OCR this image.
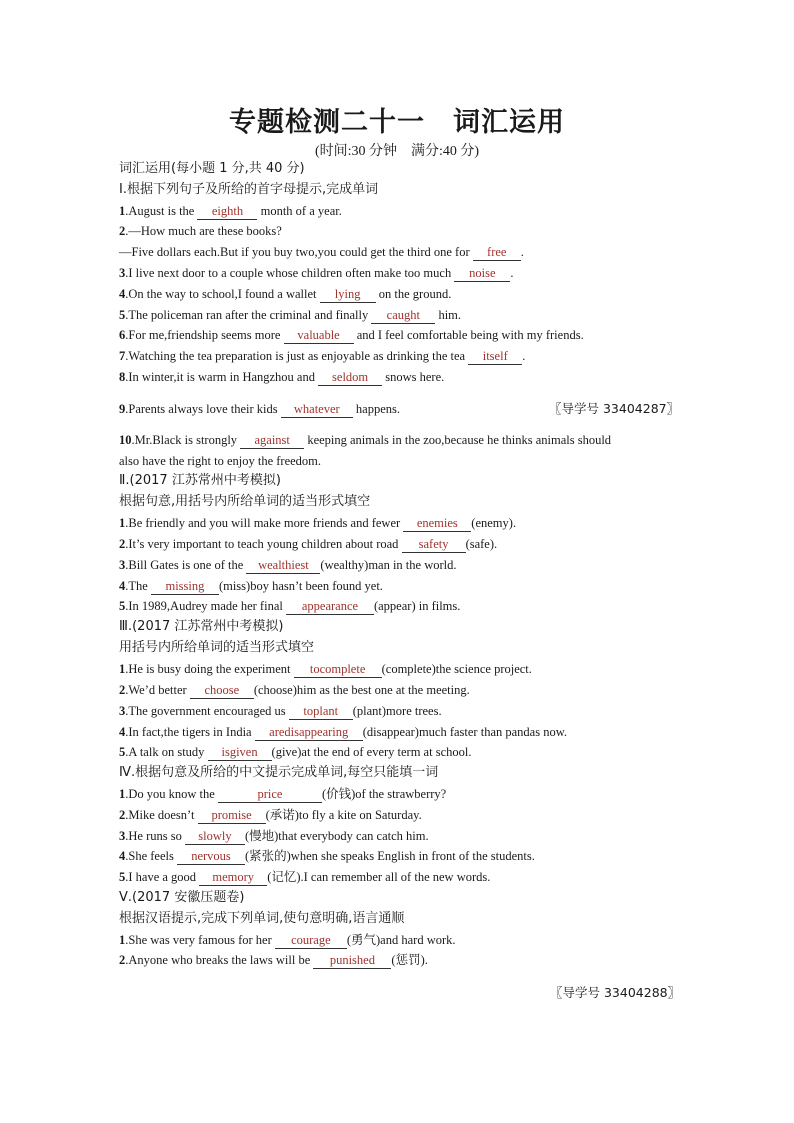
专题检测二十一　词汇运用
(时间:30 分钟　满分:40 分)
词汇运用(每小题 1 分,共 40 分)
Ⅰ.根据下列句子及所给的首字母提示,完成单词
1.August is the eighth month of a year.
2.—How much are these books?
—Five dollars each.But if you buy two,you could get the third one for free .
3.I live next door to a couple whose children often make too much noise .
4.On the way to school,I found a wallet lying on the ground.
5.The policeman ran after the criminal and finally caught him.
6.For me,friendship seems more valuable and I feel comfortable being with my friends.
7.Watching the tea preparation is just as enjoyable as drinking the tea itself .
8.In winter,it is warm in Hangzhou and seldom snows here.
9.Parents always love their kids whatever happens.	〖导学号 33404287〗
10.Mr.Black is strongly against keeping animals in the zoo,because he thinks animals should
also have the right to enjoy the freedom.
Ⅱ.(2017 江苏常州中考模拟)
根据句意,用括号内所给单词的适当形式填空
1.Be friendly and you will make more friends and fewer enemies (enemy).
2.It’s very important to teach young children about road safety (safe).
3.Bill Gates is one of the wealthiest (wealthy)man in the world.
4.The missing (miss)boy hasn’t been found yet.
5.In 1989,Audrey made her final appearance (appear) in films.
Ⅲ.(2017 江苏常州中考模拟)
用括号内所给单词的适当形式填空
1.He is busy doing the experiment tocomplete (complete)the science project.
2.We’d better choose (choose)him as the best one at the meeting.
3.The government encouraged us toplant (plant)more trees.
4.In fact,the tigers in India aredisappearing (disappear)much faster than pandas now.
5.A talk on study isgiven (give)at the end of every term at school.
Ⅳ.根据句意及所给的中文提示完成单词,每空只能填一词
1.Do you know the	price	(价钱)of the strawberry?
2.Mike doesn’t promise (承诺)to fly a kite on Saturday.
3.He runs so slowly (慢地)that everybody can catch him.
4.She feels nervous (紧张的)when she speaks English in front of the students.
5.I have a good memory (记忆).I can remember all of the new words.
Ⅴ.(2017 安徽压题卷)
根据汉语提示,完成下列单词,使句意明确,语言通顺
1.She was very famous for her courage (勇气)and hard work.
2.Anyone who breaks the laws will be punished (惩罚).
〖导学号 33404288〗
